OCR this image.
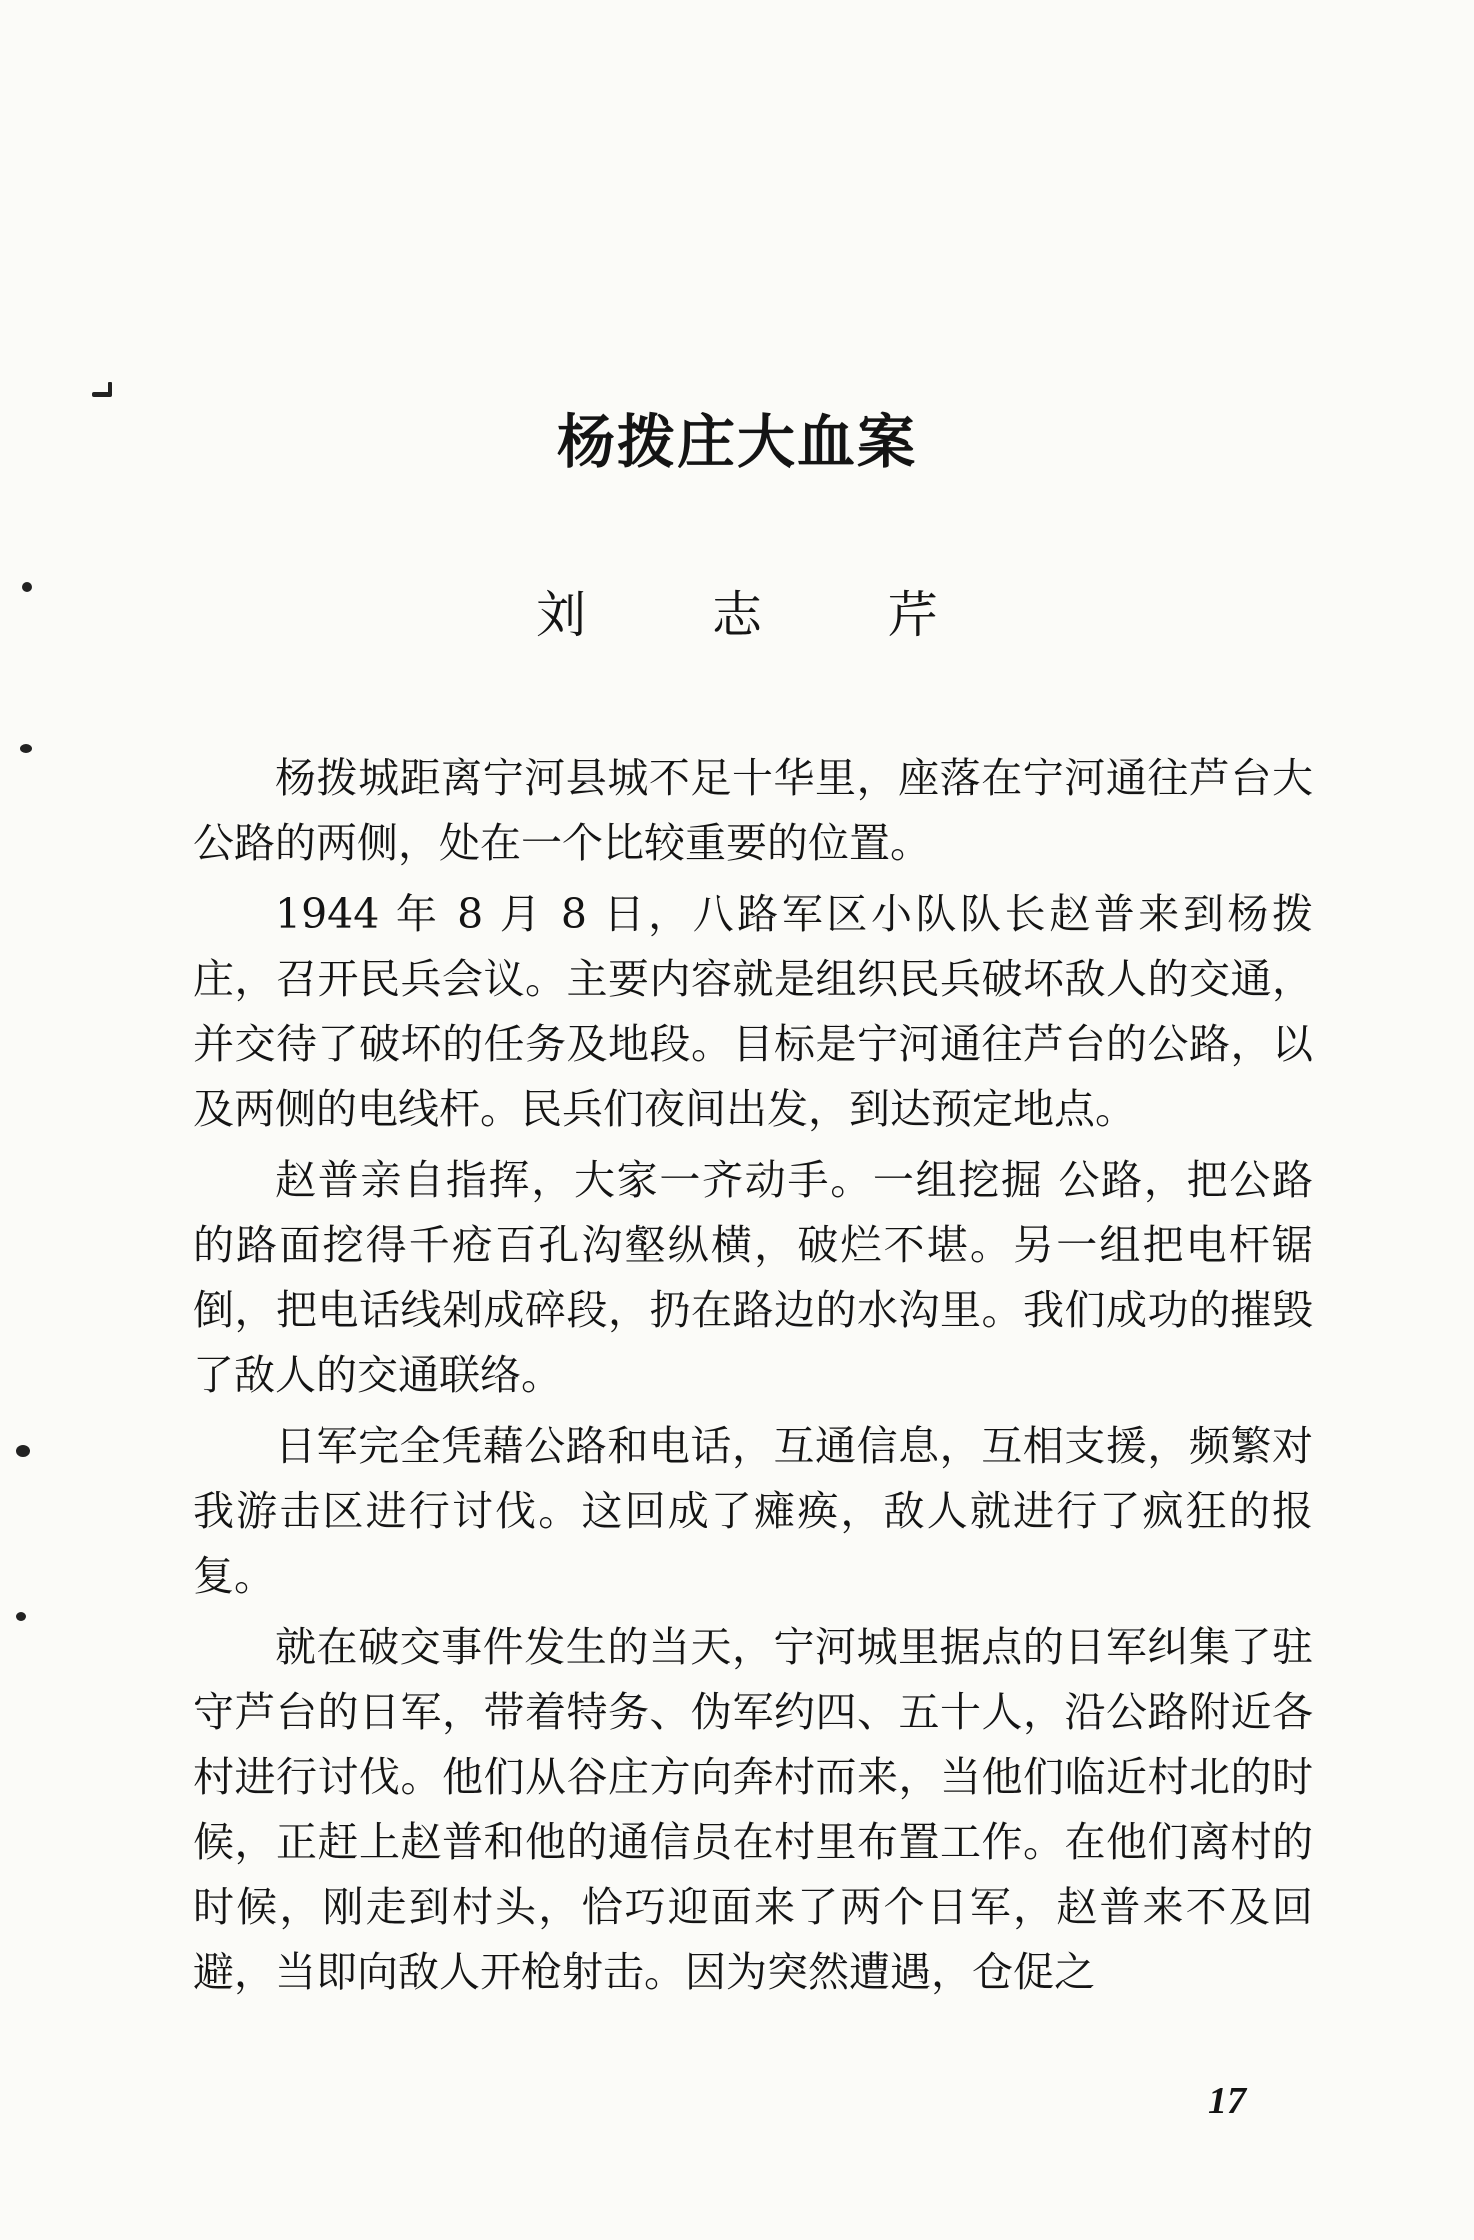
杨拨庄大血案
刘 志 芹

杨拨城距离宁河县城不足十华里，座落在宁河通往芦台大公路的两侧，处在一个比较重要的位置。

1944 年 8 月 8 日，八路军区小队队长赵普来到杨拨庄，召开民兵会议。主要内容就是组织民兵破坏敌人的交通，并交待了破坏的任务及地段。目标是宁河通往芦台的公路，以及两侧的电线杆。民兵们夜间出发，到达预定地点。

赵普亲自指挥，大家一齐动手。一组挖掘 公路，把公路的路面挖得千疮百孔沟壑纵横，破烂不堪。另一组把电杆锯倒，把电话线剁成碎段，扔在路边的水沟里。我们成功的摧毁了敌人的交通联络。

日军完全凭藉公路和电话，互通信息，互相支援，频繁对我游击区进行讨伐。这回成了瘫痪，敌人就进行了疯狂的报复。

就在破交事件发生的当天，宁河城里据点的日军纠集了驻守芦台的日军，带着特务、伪军约四、五十人，沿公路附近各村进行讨伐。他们从谷庄方向奔村而来，当他们临近村北的时候，正赶上赵普和他的通信员在村里布置工作。在他们离村的时候，刚走到村头，恰巧迎面来了两个日军，赵普来不及回避，当即向敌人开枪射击。因为突然遭遇，仓促之

17
